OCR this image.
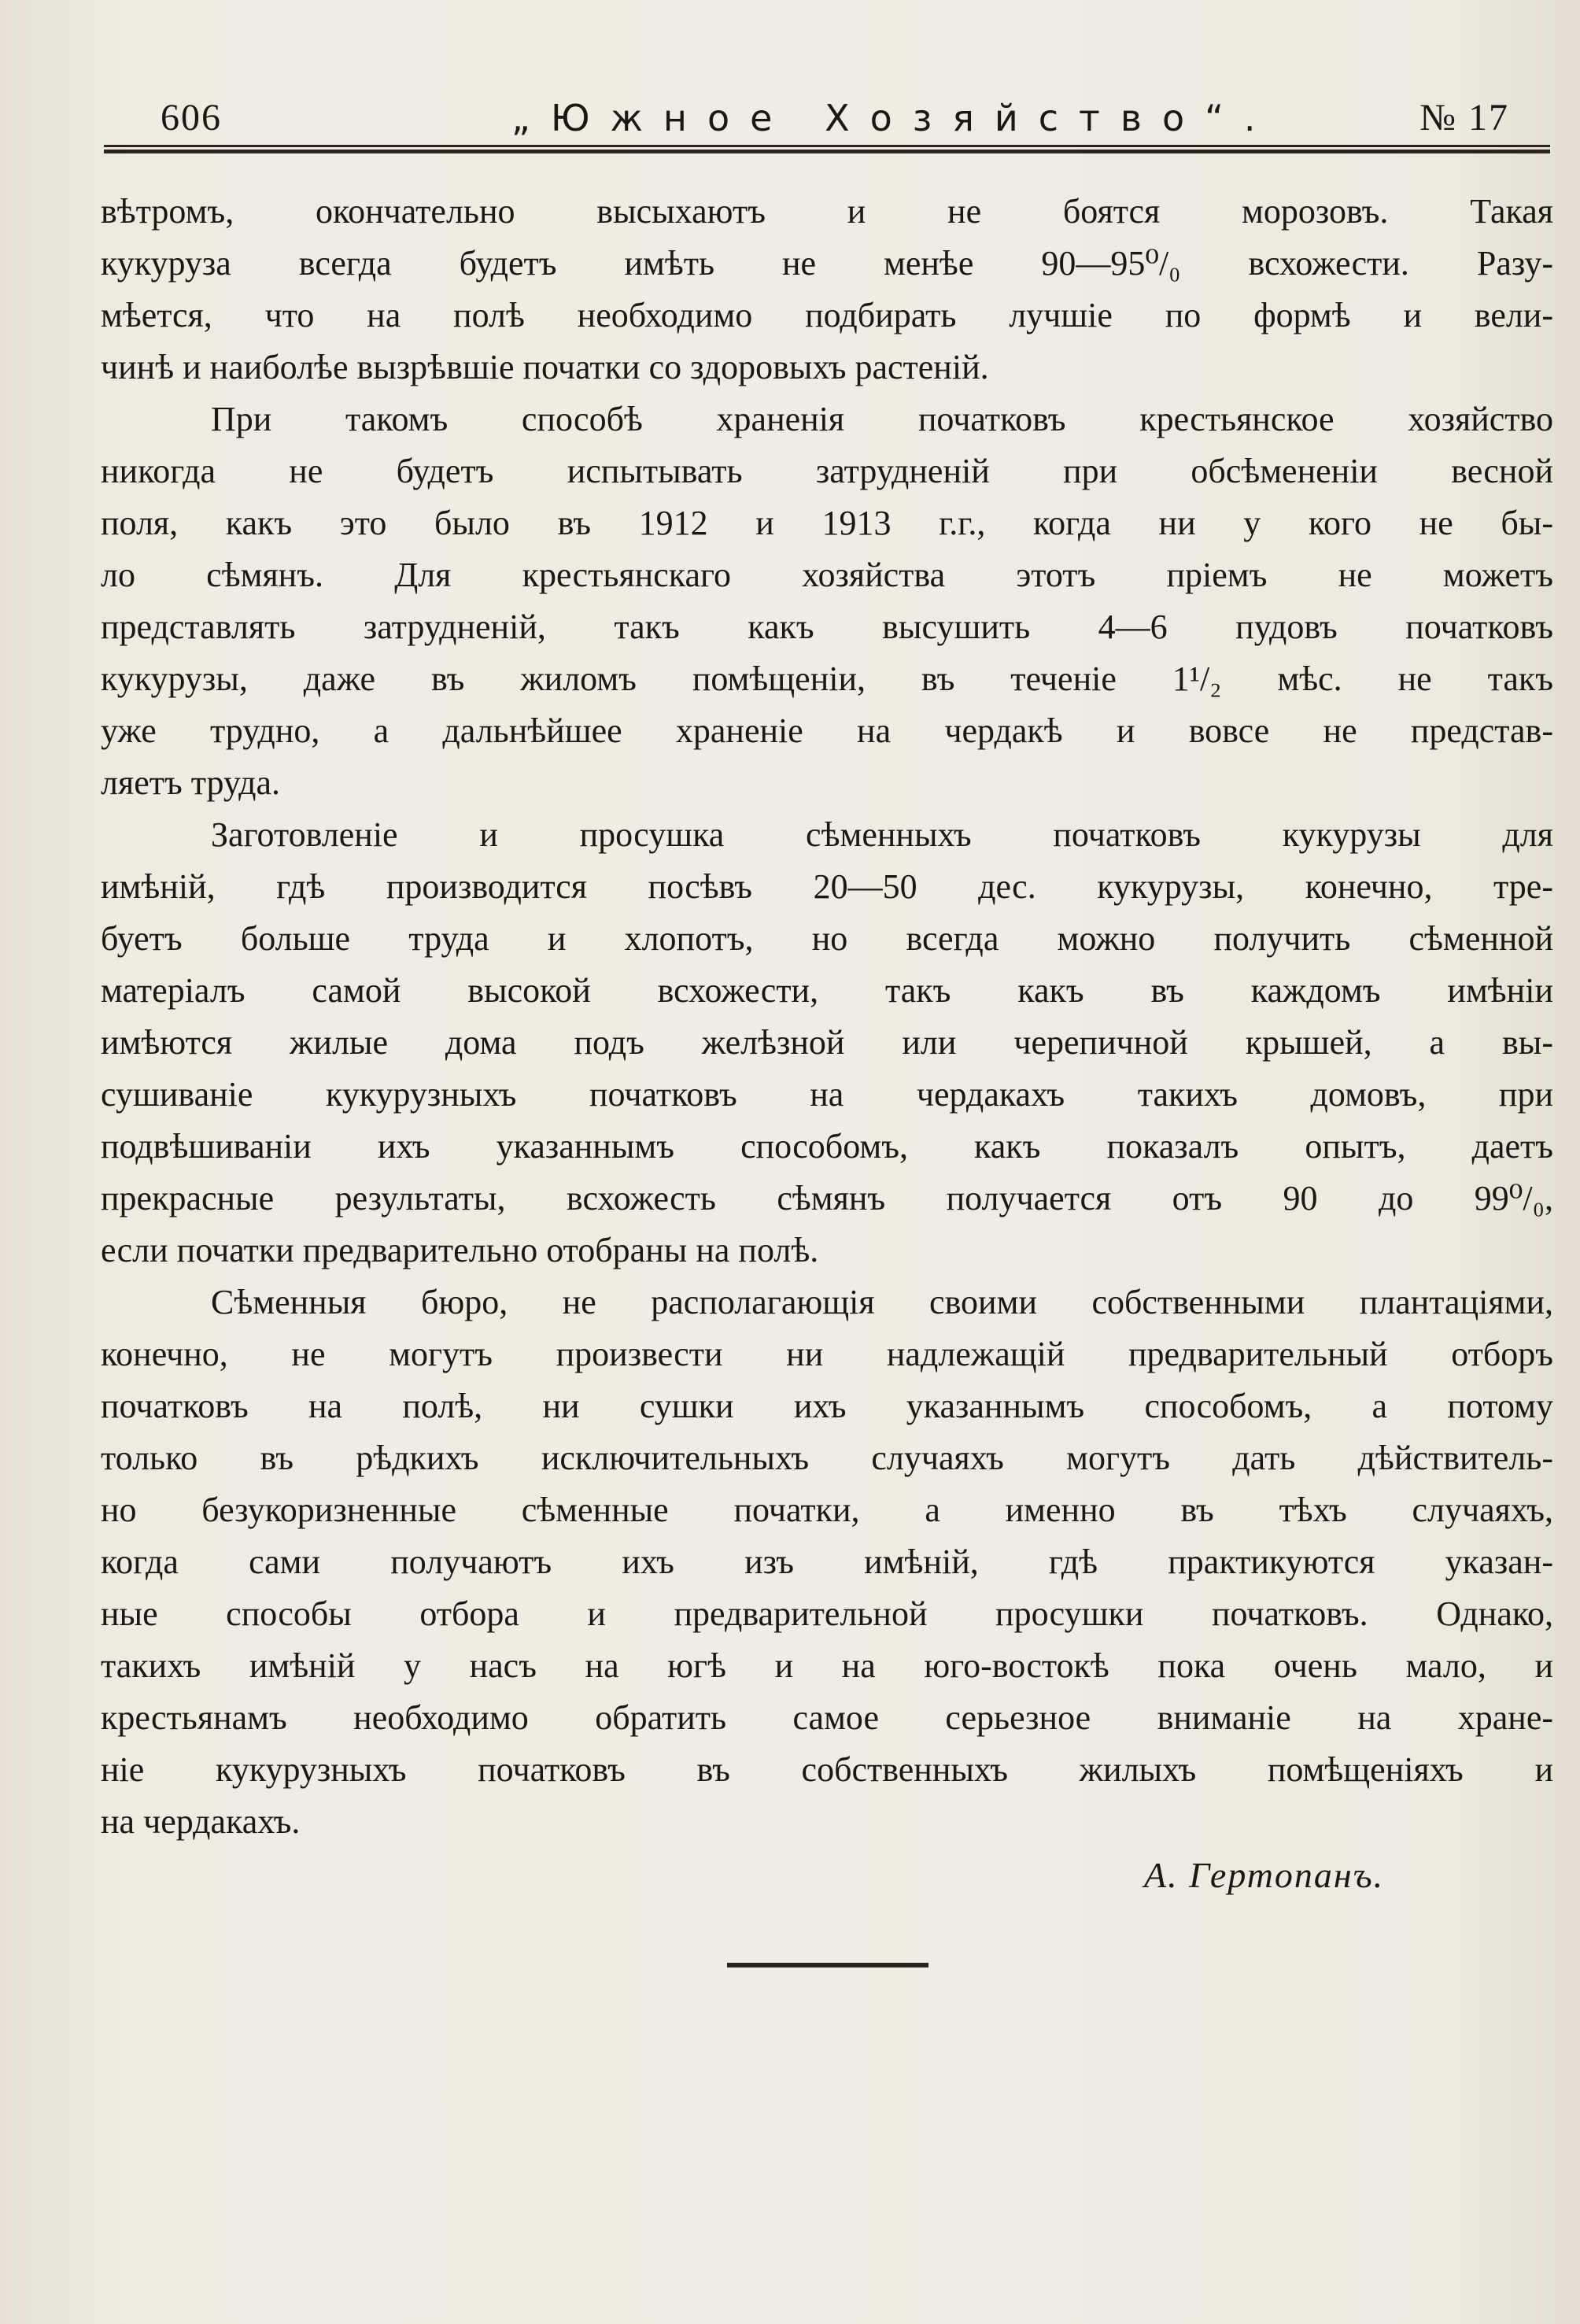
606	„Южное Хозяйство“.	№ 17
вѣтромъ, окончательно высыхаютъ и не боятся морозовъ. Такая
кукуруза всегда будетъ имѣть не менѣе 90—95⁰/₀ всхожести. Разу-
мѣется, что на полѣ необходимо подбирать лучшіе по формѣ и вели-
чинѣ и наиболѣе вызрѣвшіе початки со здоровыхъ растеній.
При такомъ способѣ храненія початковъ крестьянское хозяйство
никогда не будетъ испытывать затрудненій при обсѣмененіи весной
поля, какъ это было въ 1912 и 1913 г.г., когда ни у кого не бы-
ло сѣмянъ. Для крестьянскаго хозяйства этотъ пріемъ не можетъ
представлять затрудненій, такъ какъ высушить 4—6 пудовъ початковъ
кукурузы, даже въ жиломъ помѣщеніи, въ теченіе 1¹/₂ мѣс. не такъ
уже трудно, а дальнѣйшее храненіе на чердакѣ и вовсе не представ-
ляетъ труда.
Заготовленіе и просушка сѣменныхъ початковъ кукурузы для
имѣній, гдѣ производится посѣвъ 20—50 дес. кукурузы, конечно, тре-
буетъ больше труда и хлопотъ, но всегда можно получить сѣменной
матеріалъ самой высокой всхожести, такъ какъ въ каждомъ имѣніи
имѣются жилые дома подъ желѣзной или черепичной крышей, а вы-
сушиваніе кукурузныхъ початковъ на чердакахъ такихъ домовъ, при
подвѣшиваніи ихъ указаннымъ способомъ, какъ показалъ опытъ, даетъ
прекрасные результаты, всхожесть сѣмянъ получается отъ 90 до 99⁰/₀,
если початки предварительно отобраны на полѣ.
Сѣменныя бюро, не располагающія своими собственными плантаціями,
конечно, не могутъ произвести ни надлежащій предварительный отборъ
початковъ на полѣ, ни сушки ихъ указаннымъ способомъ, а потому
только въ рѣдкихъ исключительныхъ случаяхъ могутъ дать дѣйствитель-
но безукоризненные сѣменные початки, а именно въ тѣхъ случаяхъ,
когда сами получаютъ ихъ изъ имѣній, гдѣ практикуются указан-
ные способы отбора и предварительной просушки початковъ. Однако,
такихъ имѣній у насъ на югѣ и на юго-востокѣ пока очень мало, и
крестьянамъ необходимо обратить самое серьезное вниманіе на хране-
ніе кукурузныхъ початковъ въ собственныхъ жилыхъ помѣщеніяхъ и
на чердакахъ.
А. Гертопанъ.
